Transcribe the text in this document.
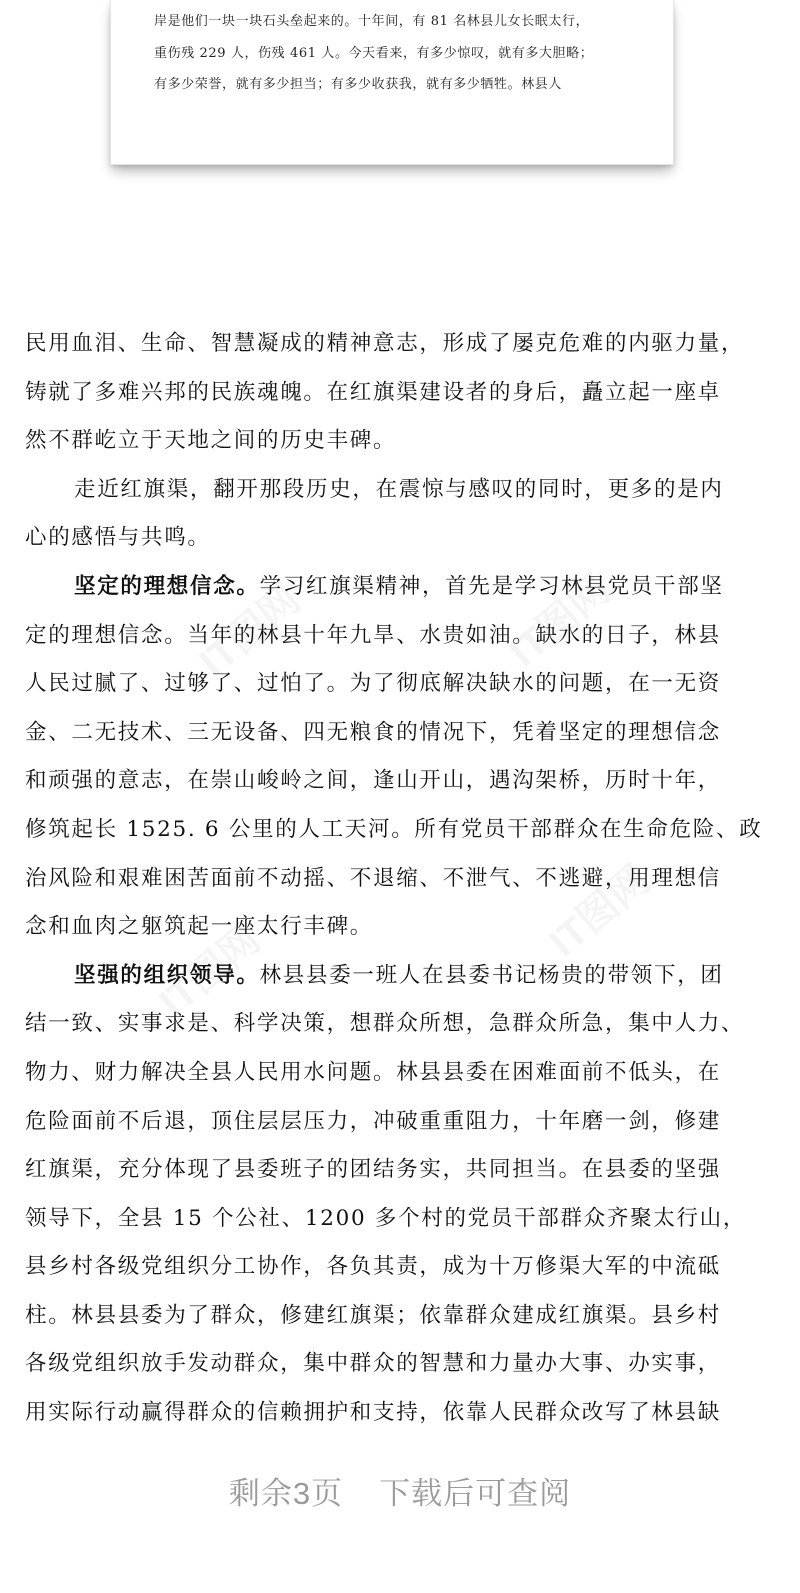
岸是他们一块一块石头垒起来的。十年间，有 81 名林县儿女长眠太行，
重伤残 229 人，伤残 461 人。今天看来，有多少惊叹，就有多大胆略；
有多少荣誉，就有多少担当；有多少收获我，就有多少牺牲。林县人
民用血泪、生命、智慧凝成的精神意志，形成了屡克危难的内驱力量，
铸就了多难兴邦的民族魂魄。在红旗渠建设者的身后，矗立起一座卓
然不群屹立于天地之间的历史丰碑。
走近红旗渠，翻开那段历史，在震惊与感叹的同时，更多的是内
心的感悟与共鸣。
坚定的理想信念。学习红旗渠精神，首先是学习林县党员干部坚
定的理想信念。当年的林县十年九旱、水贵如油。缺水的日子，林县
人民过腻了、过够了、过怕了。为了彻底解决缺水的问题，在一无资
金、二无技术、三无设备、四无粮食的情况下，凭着坚定的理想信念
和顽强的意志，在崇山峻岭之间，逢山开山，遇沟架桥，历时十年，
修筑起长 1525. 6 公里的人工天河。所有党员干部群众在生命危险、政
治风险和艰难困苦面前不动摇、不退缩、不泄气、不逃避，用理想信
念和血肉之躯筑起一座太行丰碑。
坚强的组织领导。林县县委一班人在县委书记杨贵的带领下，团
结一致、实事求是、科学决策，想群众所想，急群众所急，集中人力、
物力、财力解决全县人民用水问题。林县县委在困难面前不低头，在
危险面前不后退，顶住层层压力，冲破重重阻力，十年磨一剑，修建
红旗渠，充分体现了县委班子的团结务实，共同担当。在县委的坚强
领导下，全县 15 个公社、1200 多个村的党员干部群众齐聚太行山，
县乡村各级党组织分工协作，各负其责，成为十万修渠大军的中流砥
柱。林县县委为了群众，修建红旗渠；依靠群众建成红旗渠。县乡村
各级党组织放手发动群众，集中群众的智慧和力量办大事、办实事，
用实际行动赢得群众的信赖拥护和支持，依靠人民群众改写了林县缺
剩余3页 下载后可查阅
